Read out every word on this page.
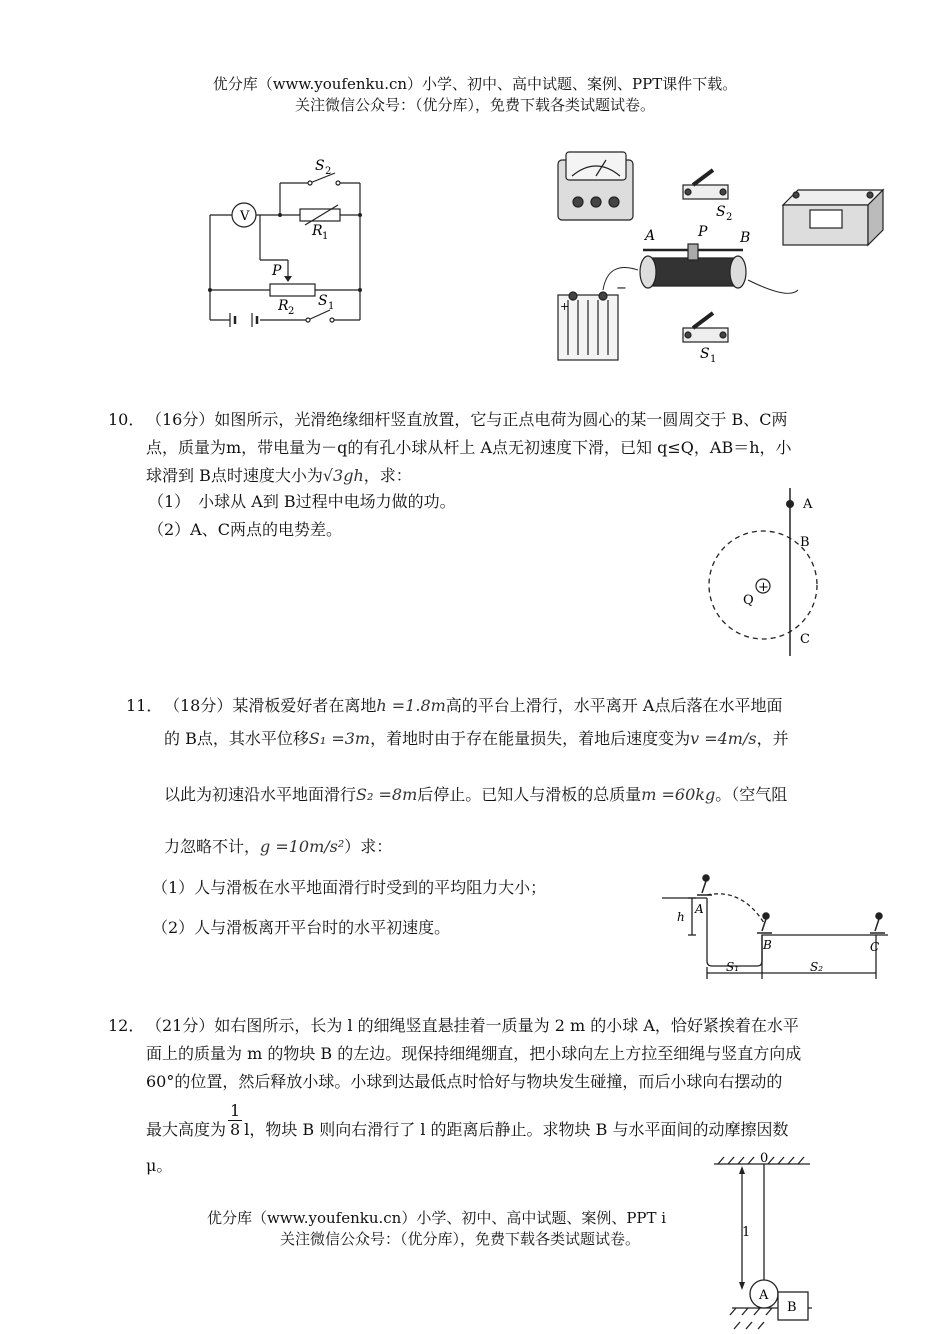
优分库（www.youfenku.cn）小学、初中、高中试题、案例、PPT课件下载。
关注微信公众号：（优分库），免费下载各类试题试卷。
V
S 2
R 1
P
R 2
S 1	+
−
S 2
A	P B
S 1
10． （16分）如图所示，光滑绝缘细杆竖直放置，它与正点电荷为圆心的某一圆周交于 B、C两
点，质量为m，带电量为－q的有孔小球从杆上 A点无初速度下滑，已知 q≤Q，AB＝h，小
球滑到 B点时速度大小为√3gh，求：
（1）　小球从 A到 B过程中电场力做的功。
（2）A、C两点的电势差。
+
Q
A
B
C
11． （18分）某滑板爱好者在离地h =1.8m高的平台上滑行，水平离开 A点后落在水平地面
的 B点，其水平位移S₁ =3m，着地时由于存在能量损失，着地后速度变为v =4m/s，并
以此为初速沿水平地面滑行S₂ =8m后停止。已知人与滑板的总质量m =60kg。（空气阻
力忽略不计，g =10m/s²）求：
（1）人与滑板在水平地面滑行时受到的平均阻力大小；
（2）人与滑板离开平台时的水平初速度。
h
A
B	C
S₁	S₂
12． （21分）如右图所示，长为 l 的细绳竖直悬挂着一质量为 2 m 的小球 A，恰好紧挨着在水平
面上的质量为 m 的物块 B 的左边。现保持细绳绷直，把小球向左上方拉至细绳与竖直方向成
60°的位置，然后释放小球。小球到达最低点时恰好与物块发生碰撞，而后小球向右摆动的
最大高度为 $\frac{1}{8}$ l，物块 B 则向右滑行了 l 的距离后静止。求物块 B 与水平面间的动摩擦因数
μ。
优分库（www.youfenku.cn）小学、初中、高中试题、案例、PPT i
关注微信公众号：（优分库），免费下载各类试题试卷。
0
1
A
B
